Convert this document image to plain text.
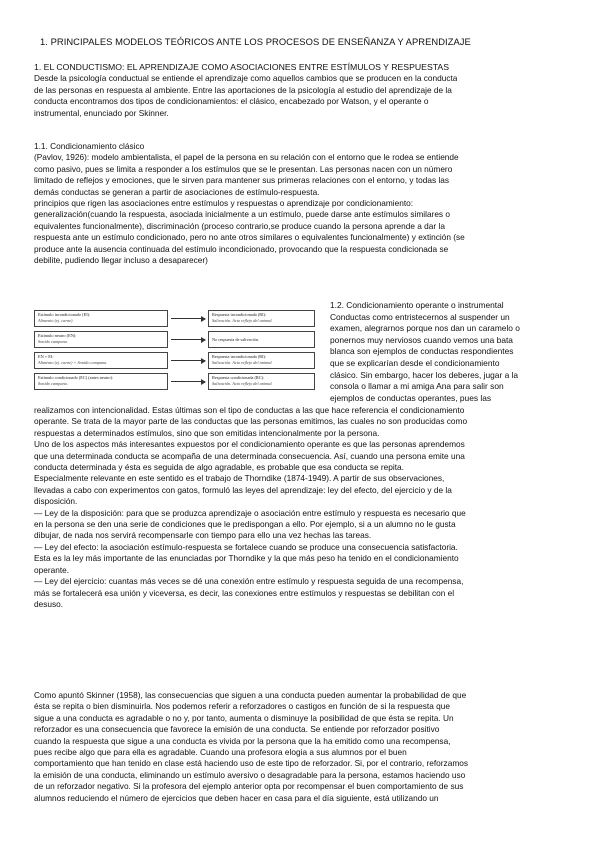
1. PRINCIPALES MODELOS TEÓRICOS ANTE LOS PROCESOS DE ENSEÑANZA Y APRENDIZAJE
1. EL CONDUCTISMO: EL APRENDIZAJE COMO ASOCIACIONES ENTRE ESTÍMULOS Y RESPUESTAS
Desde la psicología conductual se entiende el aprendizaje como aquellos cambios que se producen en la conducta
de las personas en respuesta al ambiente. Entre las aportaciones de la psicología al estudio del aprendizaje de la
conducta encontramos dos tipos de condicionamientos: el clásico, encabezado por Watson, y el operante o
instrumental, enunciado por Skinner.
1.1. Condicionamiento clásico
(Pavlov, 1926): modelo ambientalista, el papel de la persona en su relación con el entorno que le rodea se entiende
como pasivo, pues se limita a responder a los estímulos que se le presentan. Las personas nacen con un número
limitado de reflejos y emociones, que le sirven para mantener sus primeras relaciones con el entorno, y todas las
demás conductas se generan a partir de asociaciones de estímulo-respuesta.
principios que rigen las asociaciones entre estímulos y respuestas o aprendizaje por condicionamiento:
generalización(cuando la respuesta, asociada inicialmente a un estímulo, puede darse ante estímulos similares o
equivalentes funcionalmente), discriminación (proceso contrario,se produce cuando la persona aprende a dar la
respuesta ante un estímulo condicionado, pero no ante otros similares o equivalentes funcionalmente) y extinción (se
produce ante la ausencia continuada del estímulo incondicionado, provocando que la respuesta condicionada se
debilite, pudiendo llegar incluso a desaparecer)
Estímulo incondicionado (EI):
Alimento (ej. carne).
Respuesta incondicionada (RI):
Salivación. Acto reflejo del animal.
Estímulo neutro (EN):
Sonido campana.	No respuesta de salivación.
EN + EI:
Alimento (ej. carne) + Sonido campana.
Respuesta incondicionada (RI):
Salivación. Acto reflejo del animal.
Estímulo condicionado (EC) (antes neutro):
Sonido campana.
Respuesta condicionada (RC):
Salivación. Acto reflejo del animal.
1.2. Condicionamiento operante o instrumental
Conductas como entristecernos al suspender un
examen, alegrarnos porque nos dan un caramelo o
ponernos muy nerviosos cuando vemos una bata
blanca son ejemplos de conductas respondientes
que se explicarían desde el condicionamiento
clásico. Sin embargo, hacer los deberes, jugar a la
consola o llamar a mi amiga Ana para salir son
ejemplos de conductas operantes, pues las
realizamos con intencionalidad. Estas últimas son el tipo de conductas a las que hace referencia el condicionamiento
operante. Se trata de la mayor parte de las conductas que las personas emitimos, las cuales no son producidas como
respuestas a determinados estímulos, sino que son emitidas intencionalmente por la persona.
Uno de los aspectos más interesantes expuestos por el condicionamiento operante es que las personas aprendemos
que una determinada conducta se acompaña de una determinada consecuencia. Así, cuando una persona emite una
conducta determinada y ésta es seguida de algo agradable, es probable que esa conducta se repita.
Especialmente relevante en este sentido es el trabajo de Thorndike (1874-1949). A partir de sus observaciones,
llevadas a cabo con experimentos con gatos, formuló las leyes del aprendizaje: ley del efecto, del ejercicio y de la
disposición.
— Ley de la disposición: para que se produzca aprendizaje o asociación entre estímulo y respuesta es necesario que
en la persona se den una serie de condiciones que le predispongan a ello. Por ejemplo, si a un alumno no le gusta
dibujar, de nada nos servirá recompensarle con tiempo para ello una vez hechas las tareas.
— Ley del efecto: la asociación estímulo-respuesta se fortalece cuando se produce una consecuencia satisfactoria.
Esta es la ley más importante de las enunciadas por Thorndike y la que más peso ha tenido en el condicionamiento
operante.
— Ley del ejercicio: cuantas más veces se dé una conexión entre estímulo y respuesta seguida de una recompensa,
más se fortalecerá esa unión y viceversa, es decir, las conexiones entre estímulos y respuestas se debilitan con el
desuso.
Como apuntó Skinner (1958), las consecuencias que siguen a una conducta pueden aumentar la probabilidad de que
ésta se repita o bien disminuirla. Nos podemos referir a reforzadores o castigos en función de si la respuesta que
sigue a una conducta es agradable o no y, por tanto, aumenta o disminuye la posibilidad de que ésta se repita. Un
reforzador es una consecuencia que favorece la emisión de una conducta. Se entiende por reforzador positivo
cuando la respuesta que sigue a una conducta es vivida por la persona que la ha emitido como una recompensa,
pues recibe algo que para ella es agradable. Cuando una profesora elogia a sus alumnos por el buen
comportamiento que han tenido en clase está haciendo uso de este tipo de reforzador. Si, por el contrario, reforzamos
la emisión de una conducta, eliminando un estímulo aversivo o desagradable para la persona, estamos haciendo uso
de un reforzador negativo. Si la profesora del ejemplo anterior opta por recompensar el buen comportamiento de sus
alumnos reduciendo el número de ejercicios que deben hacer en casa para el día siguiente, está utilizando un
